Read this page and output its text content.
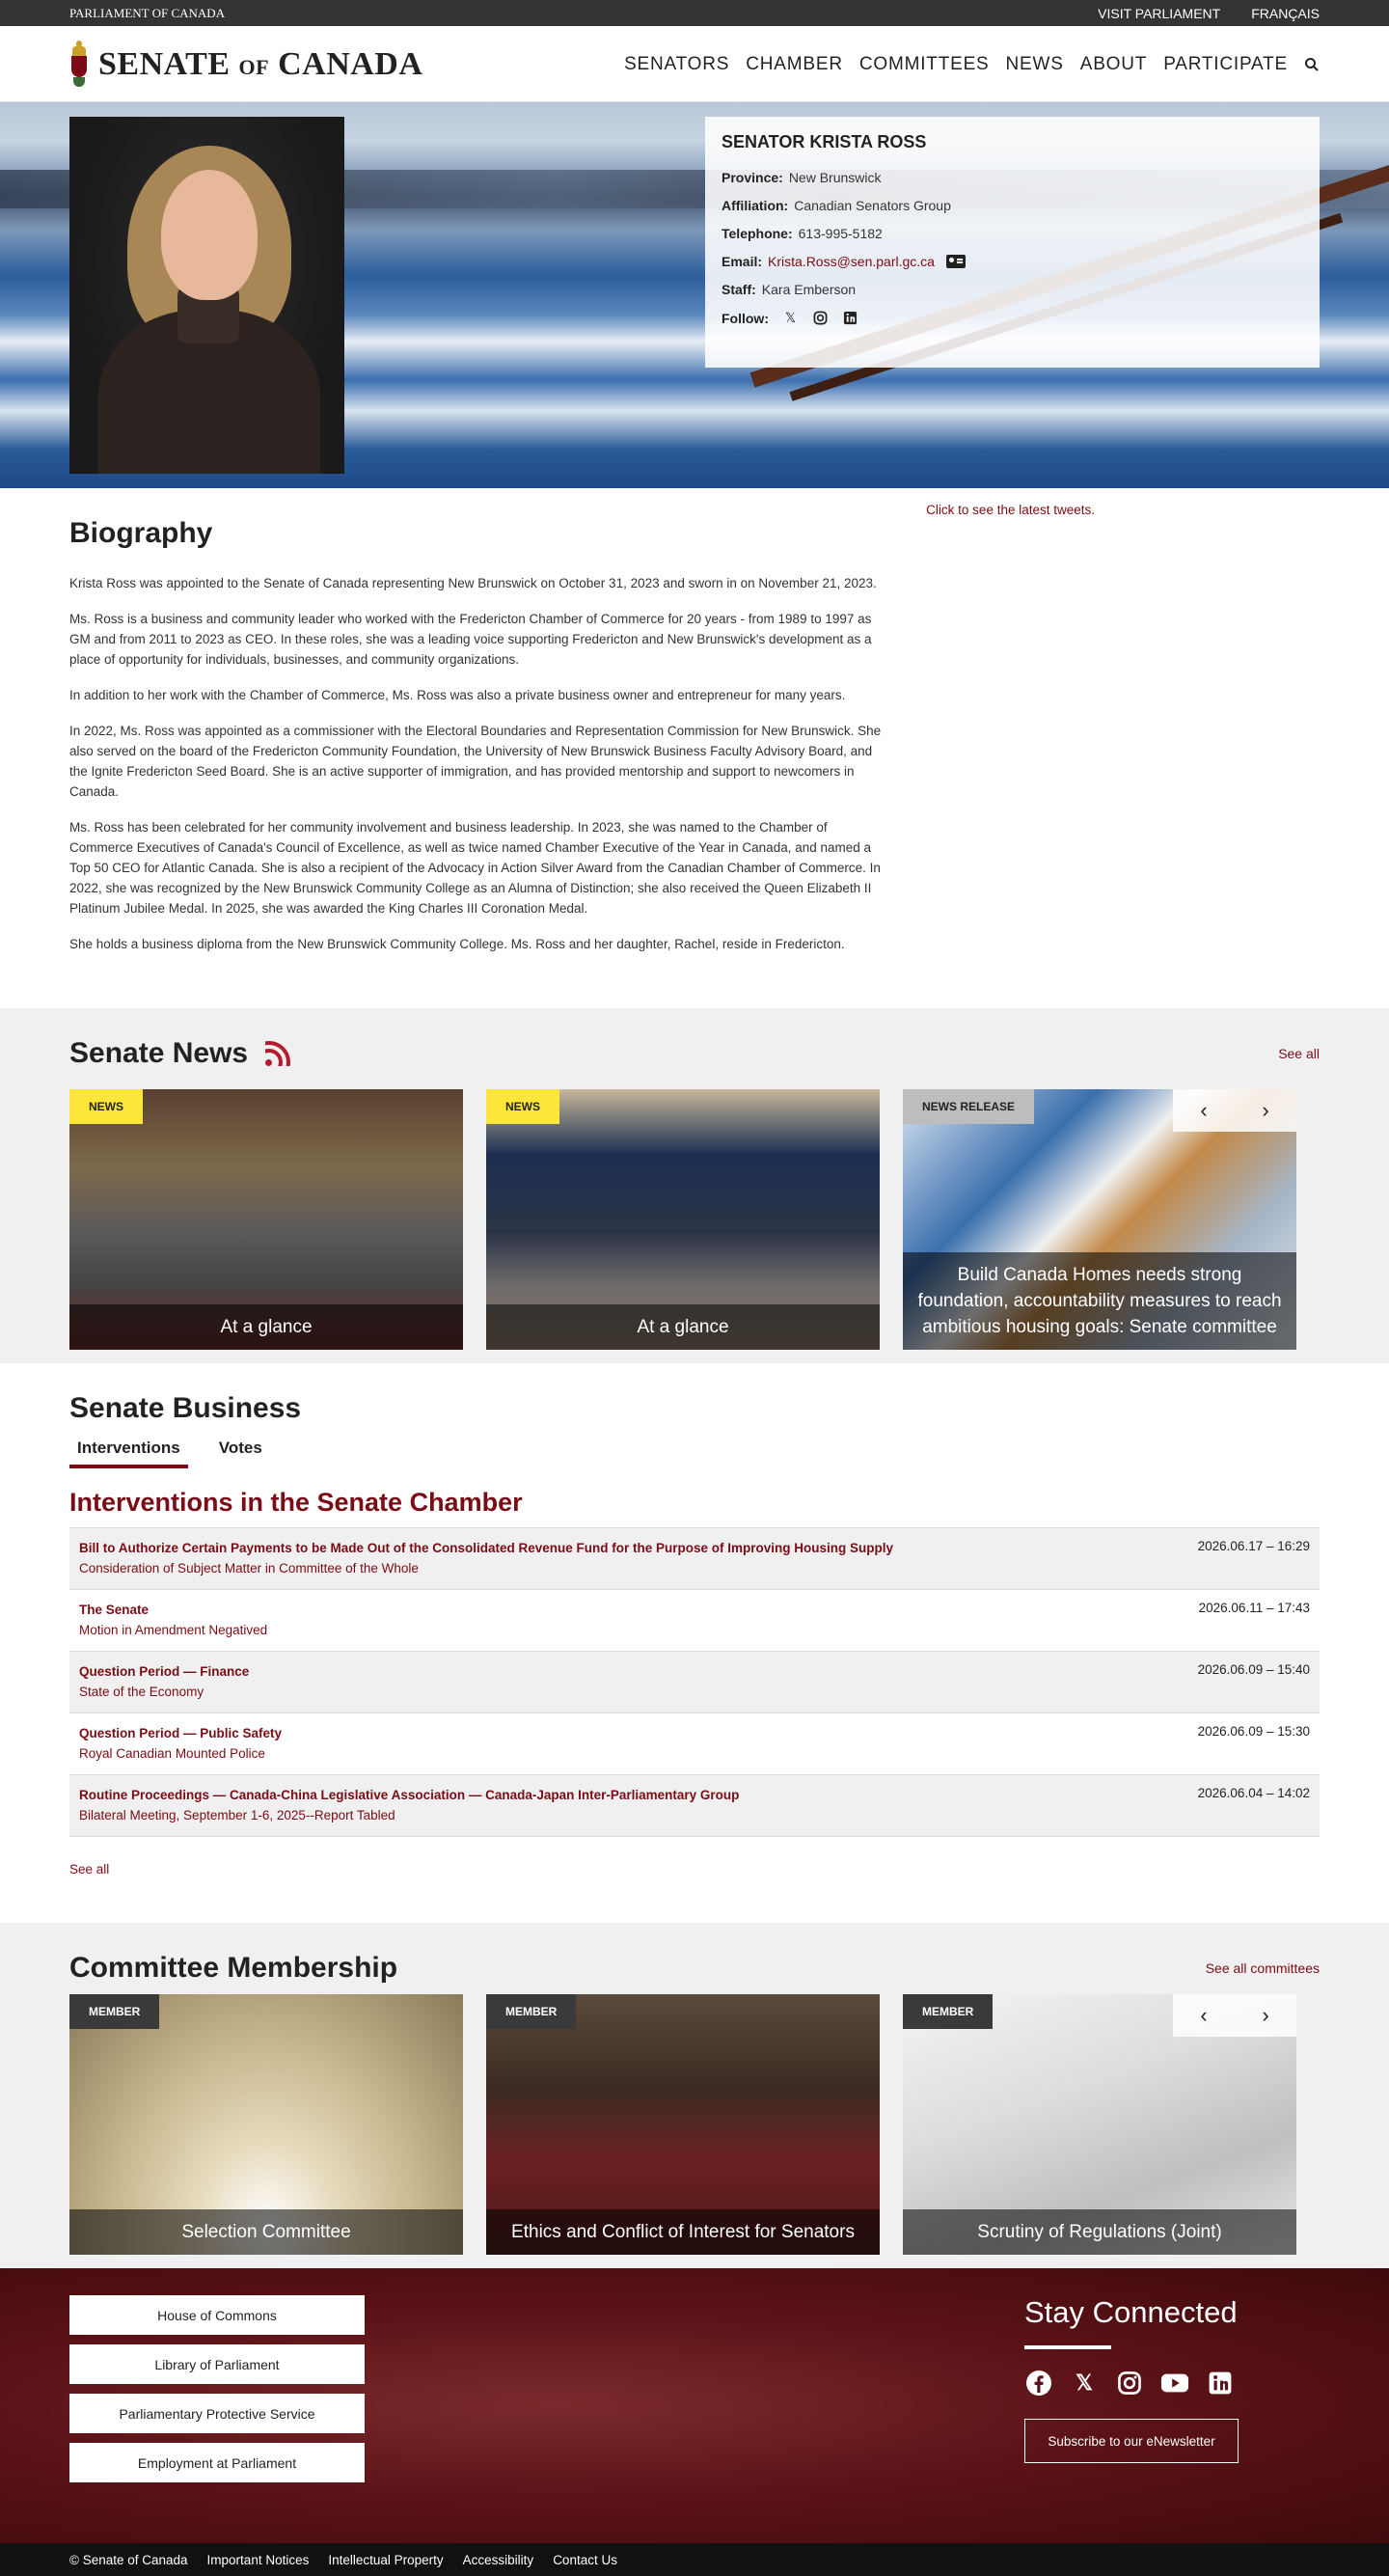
PARLIAMENT OF CANADA	VISIT PARLIAMENT FRANÇAIS
SENATE OF CANADA	SENATORS CHAMBER COMMITTEES NEWS ABOUT PARTICIPATE
SENATOR KRISTA ROSS

Province: New Brunswick

Affiliation: Canadian Senators Group

Telephone: 613-995-5182

Email: Krista.Ross@sen.parl.gc.ca

Staff: Kara Emberson

Follow: 𝕏

Biography

Krista Ross was appointed to the Senate of Canada representing New Brunswick on October 31, 2023 and sworn in on November 21, 2023.

Ms. Ross is a business and community leader who worked with the Fredericton Chamber of Commerce for 20 years - from 1989 to 1997 as GM and from 2011 to 2023 as CEO. In these roles, she was a leading voice supporting Fredericton and New Brunswick's development as a place of opportunity for individuals, businesses, and community organizations.

In addition to her work with the Chamber of Commerce, Ms. Ross was also a private business owner and entrepreneur for many years.

In 2022, Ms. Ross was appointed as a commissioner with the Electoral Boundaries and Representation Commission for New Brunswick. She also served on the board of the Fredericton Community Foundation, the University of New Brunswick Business Faculty Advisory Board, and the Ignite Fredericton Seed Board. She is an active supporter of immigration, and has provided mentorship and support to newcomers in Canada.

Ms. Ross has been celebrated for her community involvement and business leadership. In 2023, she was named to the Chamber of Commerce Executives of Canada's Council of Excellence, as well as twice named Chamber Executive of the Year in Canada, and named a Top 50 CEO for Atlantic Canada. She is also a recipient of the Advocacy in Action Silver Award from the Canadian Chamber of Commerce. In 2022, she was recognized by the New Brunswick Community College as an Alumna of Distinction; she also received the Queen Elizabeth II Platinum Jubilee Medal. In 2025, she was awarded the King Charles III Coronation Medal.

She holds a business diploma from the New Brunswick Community College. Ms. Ross and her daughter, Rachel, reside in Fredericton.

Click to see the latest tweets.
Senate News	See all
NEWS
At a glance
NEWS
At a glance
NEWS RELEASE	‹	›
Build Canada Homes needs strong foundation, accountability measures to reach ambitious housing goals: Senate committee
Senate Business
Interventions	Votes
Interventions in the Senate Chamber
Bill to Authorize Certain Payments to be Made Out of the Consolidated Revenue Fund for the Purpose of Improving Housing Supply
Consideration of Subject Matter in Committee of the Whole
2026.06.17 – 16:29
The Senate
Motion in Amendment Negatived
2026.06.11 – 17:43
Question Period — Finance
State of the Economy
2026.06.09 – 15:40
Question Period — Public Safety
Royal Canadian Mounted Police
2026.06.09 – 15:30
Routine Proceedings — Canada-China Legislative Association — Canada-Japan Inter-Parliamentary Group
Bilateral Meeting, September 1-6, 2025--Report Tabled
2026.06.04 – 14:02
See all
Committee Membership	See all committees
MEMBER
Selection Committee
MEMBER
Ethics and Conflict of Interest for Senators
MEMBER	‹	›
Scrutiny of Regulations (Joint)
House of Commons
Library of Parliament
Parliamentary Protective Service
Employment at Parliament
Stay Connected
𝕏
Subscribe to our eNewsletter
© Senate of Canada Important Notices Intellectual Property Accessibility Contact Us
